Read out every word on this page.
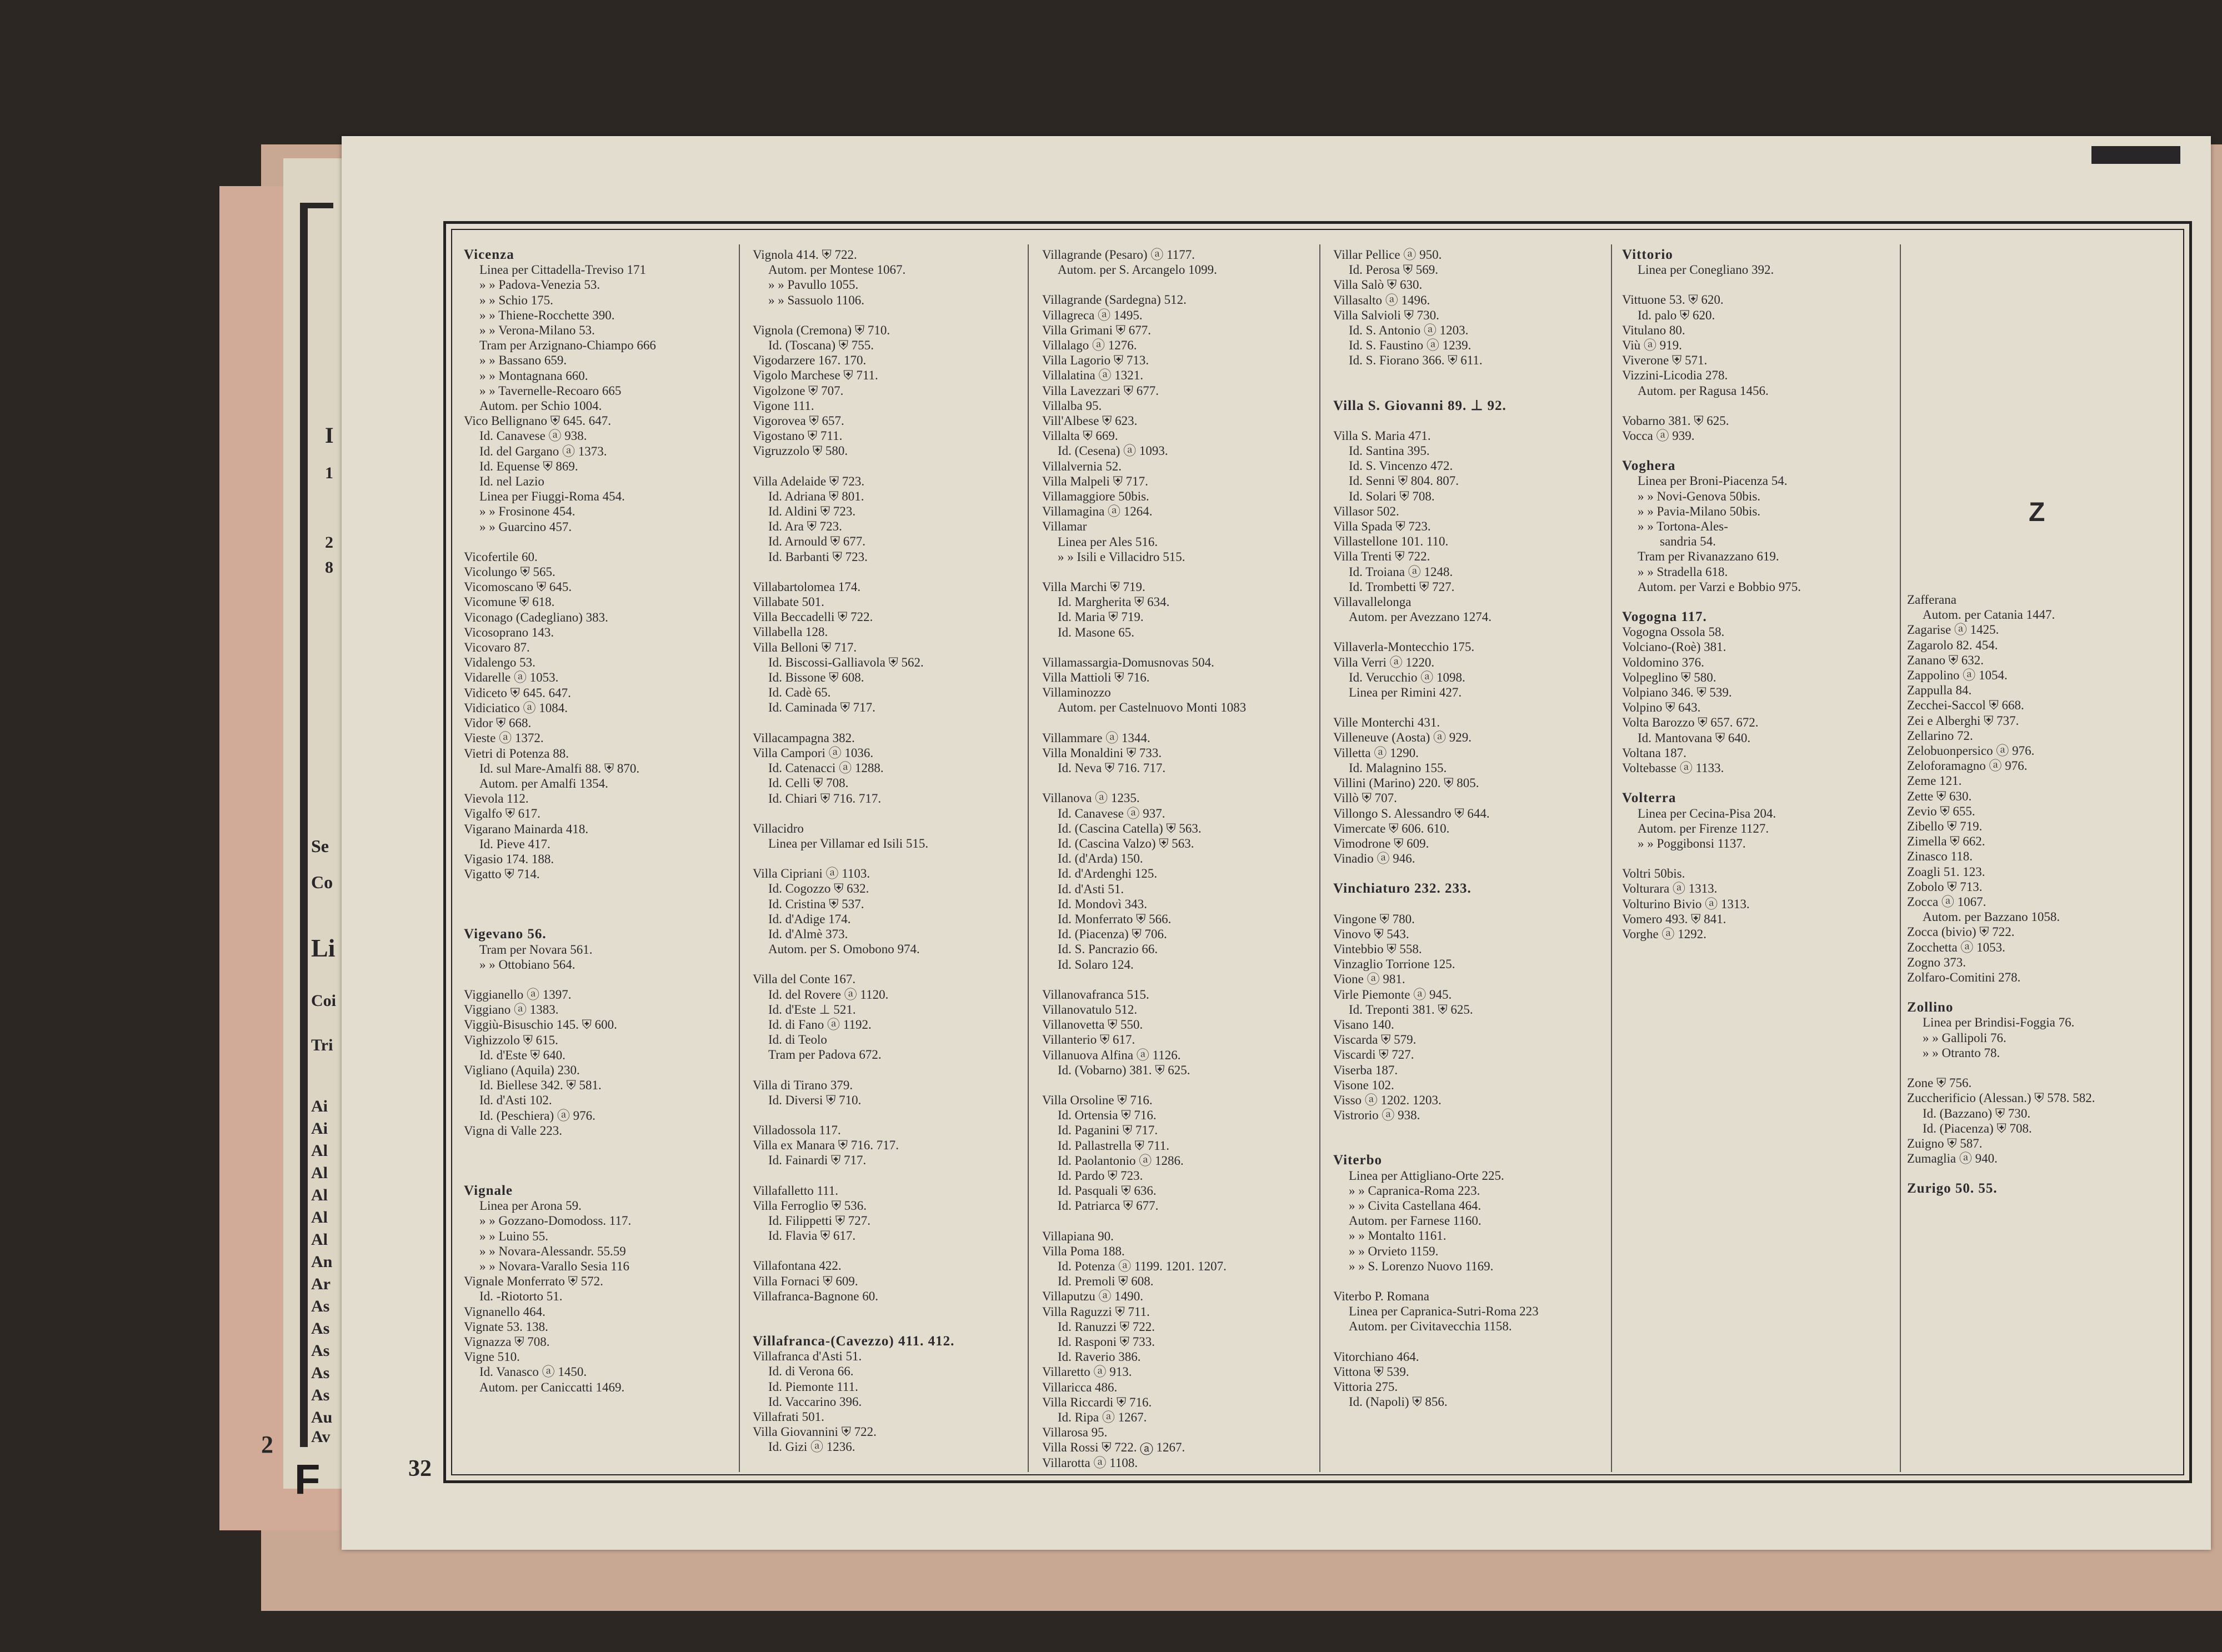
I
1
2
8
Se
Co
Li
Coi
Tri
Ai
Ai
Al
Al
Al
Al
Al
An
Ar
As
As
As
As
As
Au
Av
2
F
Vicenza
Linea per Cittadella-Treviso 171
» » Padova-Venezia 53.
» » Schio 175.
» » Thiene-Rocchette 390.
» » Verona-Milano 53.
Tram per Arzignano-Chiampo 666
» » Bassano 659.
» » Montagnana 660.
» » Tavernelle-Recoaro 665
Autom. per Schio 1004.
Vico Bellignano ⛨ 645. 647.
Id. Canavese ⓐ 938.
Id. del Gargano ⓐ 1373.
Id. Equense ⛨ 869.
Id. nel Lazio
Linea per Fiuggi-Roma 454.
» » Frosinone 454.
» » Guarcino 457.
Vicofertile 60.
Vicolungo ⛨ 565.
Vicomoscano ⛨ 645.
Vicomune ⛨ 618.
Viconago (Cadegliano) 383.
Vicosoprano 143.
Vicovaro 87.
Vidalengo 53.
Vidarelle ⓐ 1053.
Vidiceto ⛨ 645. 647.
Vidiciatico ⓐ 1084.
Vidor ⛨ 668.
Vieste ⓐ 1372.
Vietri di Potenza 88.
Id. sul Mare-Amalfi 88. ⛨ 870.
Autom. per Amalfi 1354.
Vievola 112.
Vigalfo ⛨ 617.
Vigarano Mainarda 418.
Id. Pieve 417.
Vigasio 174. 188.
Vigatto ⛨ 714.
Vigevano 56.
Tram per Novara 561.
» » Ottobiano 564.
Viggianello ⓐ 1397.
Viggiano ⓐ 1383.
Viggiù-Bisuschio 145. ⛨ 600.
Vighizzolo ⛨ 615.
Id. d'Este ⛨ 640.
Vigliano (Aquila) 230.
Id. Biellese 342. ⛨ 581.
Id. d'Asti 102.
Id. (Peschiera) ⓐ 976.
Vigna di Valle 223.
Vignale
Linea per Arona 59.
» » Gozzano-Domodoss. 117.
» » Luino 55.
» » Novara-Alessandr. 55.59
» » Novara-Varallo Sesia 116
Vignale Monferrato ⛨ 572.
Id. -Riotorto 51.
Vignanello 464.
Vignate 53. 138.
Vignazza ⛨ 708.
Vigne 510.
Id. Vanasco ⓐ 1450.
Autom. per Caniccatti 1469.
Vignola 414. ⛨ 722.
Autom. per Montese 1067.
» » Pavullo 1055.
» » Sassuolo 1106.
Vignola (Cremona) ⛨ 710.
Id. (Toscana) ⛨ 755.
Vigodarzere 167. 170.
Vigolo Marchese ⛨ 711.
Vigolzone ⛨ 707.
Vigone 111.
Vigoroveа ⛨ 657.
Vigostano ⛨ 711.
Vigruzzolo ⛨ 580.
Villa Adelaide ⛨ 723.
Id. Adriana ⛨ 801.
Id. Aldini ⛨ 723.
Id. Ara ⛨ 723.
Id. Arnould ⛨ 677.
Id. Barbanti ⛨ 723.
Villabartolomea 174.
Villabate 501.
Villa Beccadelli ⛨ 722.
Villabella 128.
Villa Belloni ⛨ 717.
Id. Biscossi-Galliavola ⛨ 562.
Id. Bissone ⛨ 608.
Id. Cadè 65.
Id. Caminada ⛨ 717.
Villacampagna 382.
Villa Campori ⓐ 1036.
Id. Catenacci ⓐ 1288.
Id. Celli ⛨ 708.
Id. Chiari ⛨ 716. 717.
Villacidro
Linea per Villamar ed Isili 515.
Villa Cipriani ⓐ 1103.
Id. Cogozzo ⛨ 632.
Id. Cristina ⛨ 537.
Id. d'Adige 174.
Id. d'Almè 373.
Autom. per S. Omobono 974.
Villa del Conte 167.
Id. del Rovere ⓐ 1120.
Id. d'Este ⊥ 521.
Id. di Fano ⓐ 1192.
Id. di Teolo
Tram per Padova 672.
Villa di Tirano 379.
Id. Diversi ⛨ 710.
Villadossola 117.
Villa ex Manara ⛨ 716. 717.
Id. Fainardi ⛨ 717.
Villafalletto 111.
Villa Ferroglio ⛨ 536.
Id. Filippetti ⛨ 727.
Id. Flavia ⛨ 617.
Villafontana 422.
Villa Fornaci ⛨ 609.
Villafranca-Bagnone 60.
Villafranca-(Cavezzo) 411. 412.
Villafranca d'Asti 51.
Id. di Verona 66.
Id. Piemonte 111.
Id. Vaccarino 396.
Villafrati 501.
Villa Giovannini ⛨ 722.
Id. Gizi ⓐ 1236.
Villagrande (Pesaro) ⓐ 1177.
Autom. per S. Arcangelo 1099.
Villagrande (Sardegna) 512.
Villagreca ⓐ 1495.
Villa Grimani ⛨ 677.
Villalago ⓐ 1276.
Villa Lagorio ⛨ 713.
Villalatina ⓐ 1321.
Villa Lavezzari ⛨ 677.
Villalba 95.
Vill'Albese ⛨ 623.
Villalta ⛨ 669.
Id. (Cesena) ⓐ 1093.
Villalvernia 52.
Villa Malpeli ⛨ 717.
Villamaggiore 50bis.
Villamagina ⓐ 1264.
Villamar
Linea per Ales 516.
» » Isili e Villacidro 515.
Villa Marchi ⛨ 719.
Id. Margherita ⛨ 634.
Id. Maria ⛨ 719.
Id. Masone 65.
Villamassargia-Domusnovas 504.
Villa Mattioli ⛨ 716.
Villaminozzo
Autom. per Castelnuovo Monti 1083
Villammare ⓐ 1344.
Villa Monaldini ⛨ 733.
Id. Neva ⛨ 716. 717.
Villanova ⓐ 1235.
Id. Canavese ⓐ 937.
Id. (Cascina Catella) ⛨ 563.
Id. (Cascina Valzo) ⛨ 563.
Id. (d'Arda) 150.
Id. d'Ardenghi 125.
Id. d'Asti 51.
Id. Mondovì 343.
Id. Monferrato ⛨ 566.
Id. (Piacenza) ⛨ 706.
Id. S. Pancrazio 66.
Id. Solaro 124.
Villanovafranca 515.
Villanovatulo 512.
Villanovetta ⛨ 550.
Villanterio ⛨ 617.
Villanuova Alfina ⓐ 1126.
Id. (Vobarno) 381. ⛨ 625.
Villa Orsoline ⛨ 716.
Id. Ortensia ⛨ 716.
Id. Paganini ⛨ 717.
Id. Pallastrella ⛨ 711.
Id. Paolantonio ⓐ 1286.
Id. Pardo ⛨ 723.
Id. Pasquali ⛨ 636.
Id. Patriarca ⛨ 677.
Villapiana 90.
Villa Poma 188.
Id. Potenza ⓐ 1199. 1201. 1207.
Id. Premoli ⛨ 608.
Villaputzu ⓐ 1490.
Villa Raguzzi ⛨ 711.
Id. Ranuzzi ⛨ 722.
Id. Rasponi ⛨ 733.
Id. Raverio 386.
Villaretto ⓐ 913.
Villaricca 486.
Villa Riccardi ⛨ 716.
Id. Ripa ⓐ 1267.
Villarosa 95.
Villa Rossi ⛨ 722. ⓐ 1267.
Villarotta ⓐ 1108.
Villar Pellice ⓐ 950.
Id. Perosa ⛨ 569.
Villa Salò ⛨ 630.
Villasalto ⓐ 1496.
Villa Salvioli ⛨ 730.
Id. S. Antonio ⓐ 1203.
Id. S. Faustino ⓐ 1239.
Id. S. Fiorano 366. ⛨ 611.
Villa S. Giovanni 89. ⊥ 92.
Villa S. Maria 471.
Id. Santina 395.
Id. S. Vincenzo 472.
Id. Senni ⛨ 804. 807.
Id. Solari ⛨ 708.
Villasor 502.
Villa Spada ⛨ 723.
Villastellone 101. 110.
Villa Trenti ⛨ 722.
Id. Troiana ⓐ 1248.
Id. Trombetti ⛨ 727.
Villavallelonga
Autom. per Avezzano 1274.
Villaverla-Montecchio 175.
Villa Verri ⓐ 1220.
Id. Verucchio ⓐ 1098.
Linea per Rimini 427.
Ville Monterchi 431.
Villeneuve (Aosta) ⓐ 929.
Villetta ⓐ 1290.
Id. Malagnino 155.
Villini (Marino) 220. ⛨ 805.
Villò ⛨ 707.
Villongo S. Alessandro ⛨ 644.
Vimercate ⛨ 606. 610.
Vimodrone ⛨ 609.
Vinadio ⓐ 946.
Vinchiaturo 232. 233.
Vingone ⛨ 780.
Vinovo ⛨ 543.
Vintebbio ⛨ 558.
Vinzaglio Torrione 125.
Vione ⓐ 981.
Virle Piemonte ⓐ 945.
Id. Treponti 381. ⛨ 625.
Visano 140.
Viscarda ⛨ 579.
Viscardi ⛨ 727.
Viserba 187.
Visone 102.
Visso ⓐ 1202. 1203.
Vistrorio ⓐ 938.
Viterbo
Linea per Attigliano-Orte 225.
» » Capranica-Roma 223.
» » Civita Castellana 464.
Autom. per Farnese 1160.
» » Montalto 1161.
» » Orvieto 1159.
» » S. Lorenzo Nuovo 1169.
Viterbo P. Romana
Linea per Capranica-Sutri-Roma 223
Autom. per Civitavecchia 1158.
Vitorchiano 464.
Vittona ⛨ 539.
Vittoria 275.
Id. (Napoli) ⛨ 856.
Vittorio
Linea per Conegliano 392.
Vittuone 53. ⛨ 620.
Id. palo ⛨ 620.
Vitulano 80.
Viù ⓐ 919.
Viverone ⛨ 571.
Vizzini-Licodia 278.
Autom. per Ragusa 1456.
Vobarno 381. ⛨ 625.
Vocca ⓐ 939.
Voghera
Linea per Broni-Piacenza 54.
» » Novi-Genova 50bis.
» » Pavia-Milano 50bis.
» » Tortona-Ales-
sandria 54.
Tram per Rivanazzano 619.
» » Stradella 618.
Autom. per Varzi e Bobbio 975.
Vogogna 117.
Vogogna Ossola 58.
Volciano-(Roè) 381.
Voldomino 376.
Volpeglino ⛨ 580.
Volpiano 346. ⛨ 539.
Volpino ⛨ 643.
Volta Barozzo ⛨ 657. 672.
Id. Mantovana ⛨ 640.
Voltana 187.
Voltebasse ⓐ 1133.
Volterra
Linea per Cecina-Pisa 204.
Autom. per Firenze 1127.
» » Poggibonsi 1137.
Voltri 50bis.
Volturara ⓐ 1313.
Volturino Bivio ⓐ 1313.
Vomero 493. ⛨ 841.
Vorghe ⓐ 1292.
Zafferana
Autom. per Catania 1447.
Zagarise ⓐ 1425.
Zagarolo 82. 454.
Zanano ⛨ 632.
Zappolino ⓐ 1054.
Zappulla 84.
Zecchei-Saccol ⛨ 668.
Zei e Alberghi ⛨ 737.
Zellarino 72.
Zelobuonpersico ⓐ 976.
Zeloforamagno ⓐ 976.
Zeme 121.
Zette ⛨ 630.
Zevio ⛨ 655.
Zibello ⛨ 719.
Zimella ⛨ 662.
Zinasco 118.
Zoagli 51. 123.
Zobolo ⛨ 713.
Zocca ⓐ 1067.
Autom. per Bazzano 1058.
Zocca (bivio) ⛨ 722.
Zocchetta ⓐ 1053.
Zogno 373.
Zolfaro-Comitini 278.
Zollino
Linea per Brindisi-Foggia 76.
» » Gallipoli 76.
» » Otranto 78.
Zone ⛨ 756.
Zuccherificio (Alessan.) ⛨ 578. 582.
Id. (Bazzano) ⛨ 730.
Id. (Piacenza) ⛨ 708.
Zuigno ⛨ 587.
Zumaglia ⓐ 940.
Zurigo 50. 55.
Z
32
